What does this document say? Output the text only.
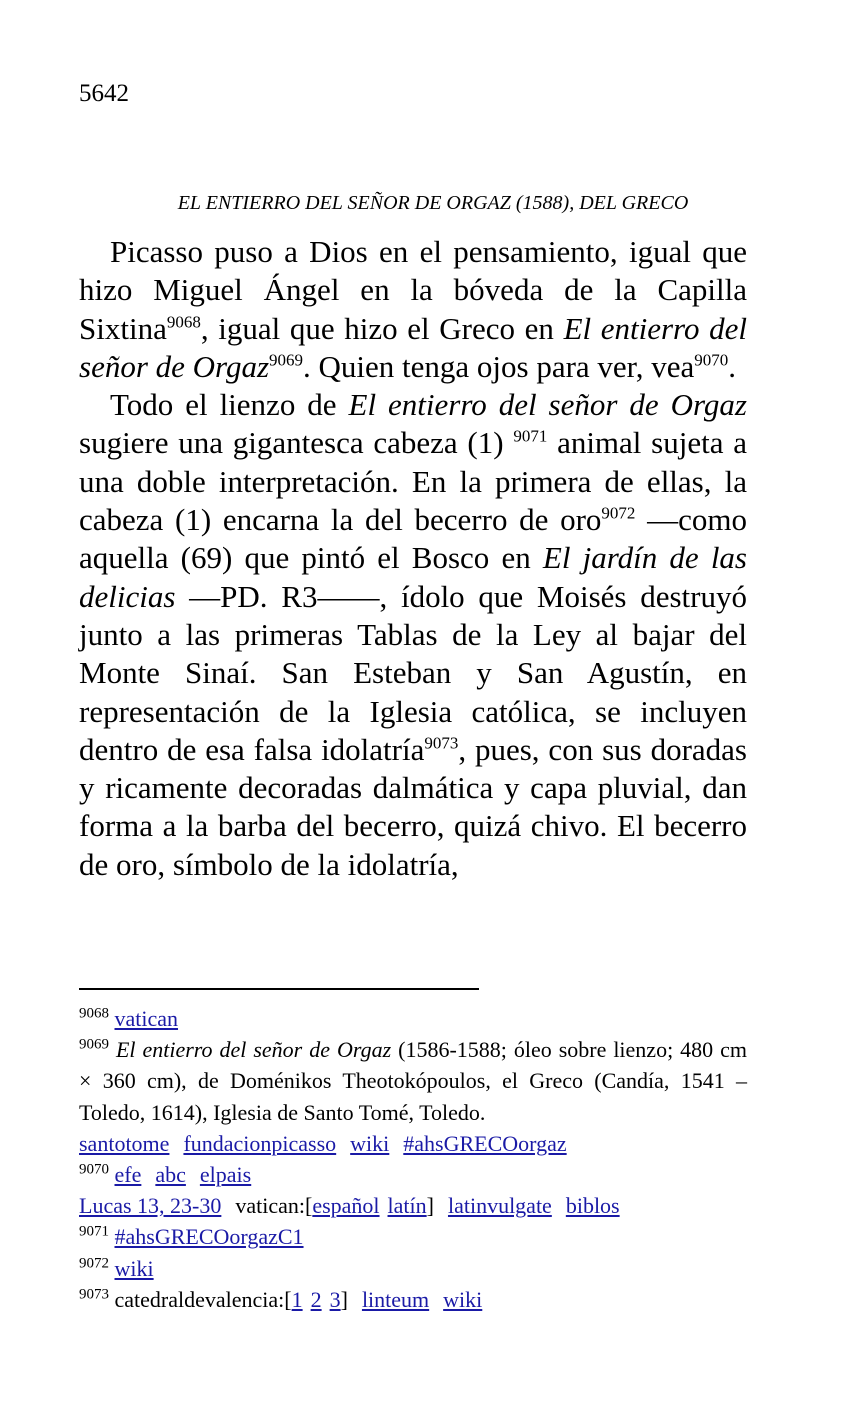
5642
EL ENTIERRO DEL SEÑOR DE ORGAZ (1588), DEL GRECO

Picasso puso a Dios en el pensamiento, igual que hizo Miguel Ángel en la bóveda de la Capilla Sixtina$^{9068}$, igual que hizo el Greco en El entierro del señor de Orgaz$^{9069}$. Quien tenga ojos para ver, vea$^{9070}$.

Todo el lienzo de El entierro del señor de Orgaz sugiere una gigantesca cabeza (1) $^{9071}$ animal sujeta a una doble interpretación. En la primera de ellas, la cabeza (1) encarna la del becerro de oro$^{9072}$ —como aquella (69) que pintó el Bosco en El jardín de las delicias —PD. R3——, ídolo que Moisés destruyó junto a las primeras Tablas de la Ley al bajar del Monte Sinaí. San Esteban y San Agustín, en representación de la Iglesia católica, se incluyen dentro de esa falsa idolatría$^{9073}$, pues, con sus doradas y ricamente decoradas dalmática y capa pluvial, dan forma a la barba del becerro, quizá chivo. El becerro de oro, símbolo de la idolatría,

$^{9068}$ vatican
$^{9069}$ El entierro del señor de Orgaz (1586-1588; óleo sobre lienzo; 480 cm × 360 cm), de Doménikos Theotokópoulos, el Greco (Candía, 1541 – Toledo, 1614), Iglesia de Santo Tomé, Toledo.
santotome fundacionpicasso wiki #ahsGRECOorgaz
$^{9070}$ efe abc elpais
Lucas 13, 23-30 vatican:[español latín] latinvulgate biblos
$^{9071}$ #ahsGRECOorgazC1
$^{9072}$ wiki
$^{9073}$ catedraldevalencia:[1 2 3] linteum wiki
